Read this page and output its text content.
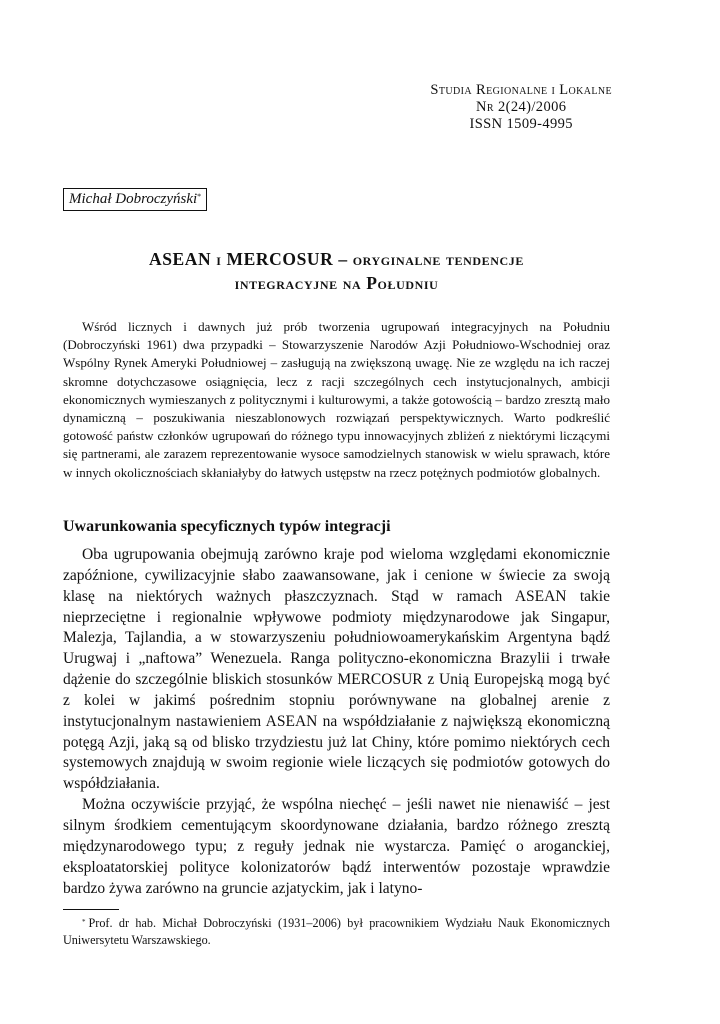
Studia Regionalne i Lokalne
Nr 2(24)/2006
ISSN 1509-4995
Michał Dobroczyński*
ASEAN i MERCOSUR – oryginalne tendencje
integracyjne na Południu

Wśród licznych i dawnych już prób tworzenia ugrupowań integracyjnych na Południu (Dobroczyński 1961) dwa przypadki – Stowarzyszenie Narodów Azji Południowo-Wschodniej oraz Wspólny Rynek Ameryki Południowej – zasługują na zwiększoną uwagę. Nie ze względu na ich raczej skromne dotychczasowe osiągnięcia, lecz z racji szczególnych cech instytucjonalnych, ambicji ekonomicznych wymieszanych z politycznymi i kulturowymi, a także gotowością – bardzo zresztą mało dynamiczną – poszukiwania nieszablonowych rozwiązań perspektywicznych. Warto podkreślić gotowość państw członków ugrupowań do różnego typu innowacyjnych zbliżeń z niektórymi liczącymi się partnerami, ale zarazem reprezentowanie wysoce samodzielnych stanowisk w wielu sprawach, które w innych okolicznościach skłaniałyby do łatwych ustępstw na rzecz potężnych podmiotów globalnych.

Uwarunkowania specyficznych typów integracji

Oba ugrupowania obejmują zarówno kraje pod wieloma względami ekonomicznie zapóźnione, cywilizacyjnie słabo zaawansowane, jak i cenione w świecie za swoją klasę na niektórych ważnych płaszczyznach. Stąd w ramach ASEAN takie nieprzeciętne i regionalnie wpływowe podmioty międzynarodowe jak Singapur, Malezja, Tajlandia, a w stowarzyszeniu południowoamerykańskim Argentyna bądź Urugwaj i „naftowa” Wenezuela. Ranga polityczno-ekonomiczna Brazylii i trwałe dążenie do szczególnie bliskich stosunków MERCOSUR z Unią Europejską mogą być z kolei w jakimś pośrednim stopniu porównywane na globalnej arenie z instytucjonalnym nastawieniem ASEAN na współdziałanie z największą ekonomiczną potęgą Azji, jaką są od blisko trzydziestu już lat Chiny, które pomimo niektórych cech systemowych znajdują w swoim regionie wiele liczących się podmiotów gotowych do współdziałania.

Można oczywiście przyjąć, że wspólna niechęć – jeśli nawet nie nienawiść – jest silnym środkiem cementującym skoordynowane działania, bardzo różnego zresztą międzynarodowego typu; z reguły jednak nie wystarcza. Pamięć o aroganckiej, eksploatatorskiej polityce kolonizatorów bądź interwentów pozostaje wprawdzie bardzo żywa zarówno na gruncie azjatyckim, jak i latyno-

* Prof. dr hab. Michał Dobroczyński (1931–2006) był pracownikiem Wydziału Nauk Ekonomicznych Uniwersytetu Warszawskiego.
